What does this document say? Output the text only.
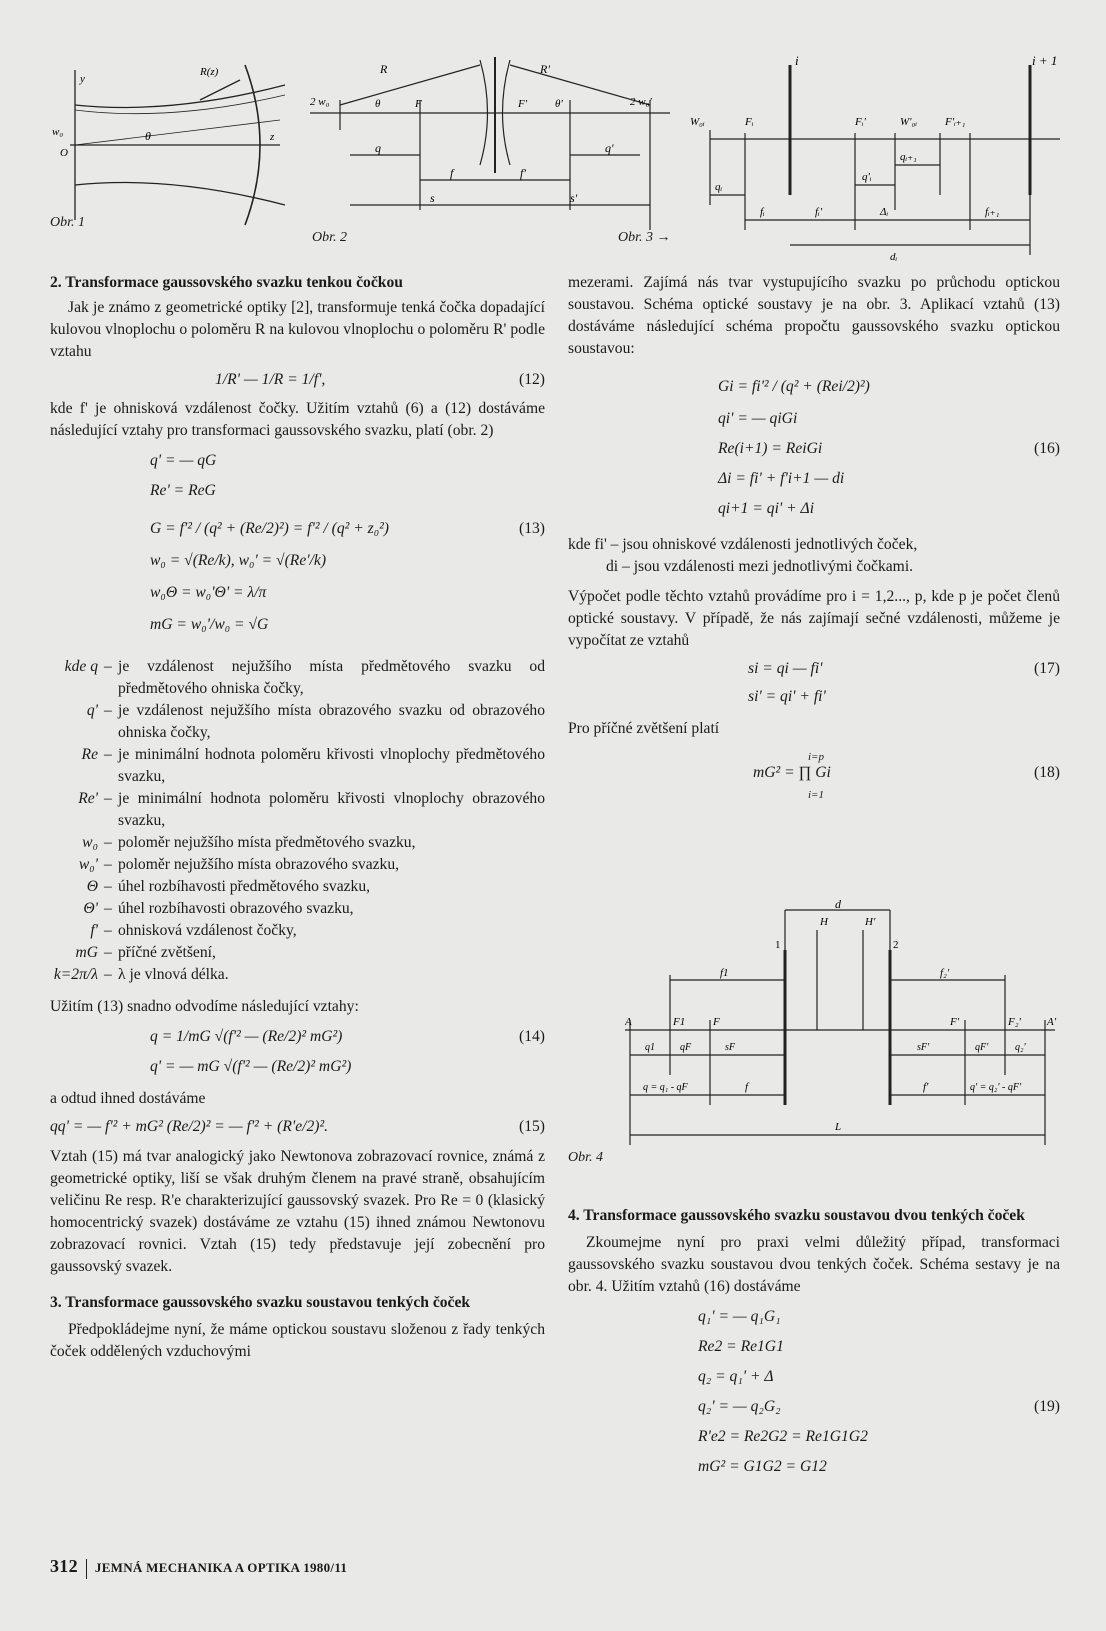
y
w₀
O
θ	z
R(z)
Obr. 1
R	R'
2 w₀	2 w₀'
θ	θ'
F	F'
q	q'
f	f'
s	s'
Obr. 2
i	i + 1
W₀ᵢ	Fᵢ	Fᵢ'	W'₀ᵢ	F'ᵢ₊₁
qᵢ
q'ᵢ
qᵢ₊₁
fᵢ	fᵢ'	Δᵢ	fᵢ₊₁
dᵢ
Obr. 3 →
2. Transformace gaussovského svazku tenkou čočkou

Jak je známo z geometrické optiky [2], transformuje tenká čočka dopadající kulovou vlnoplochu o poloměru R na kulovou vlnoplochu o poloměru R' podle vztahu

1/R' — 1/R = 1/f',	(12)

kde f' je ohnisková vzdálenost čočky. Užitím vztahů (6) a (12) dostáváme následující vztahy pro transformaci gaussovského svazku, platí (obr. 2)

q' = — qG
Re' = ReG
G = f'² / (q² + (Re/2)²) = f'² / (q² + z₀²)	(13)
w₀ = √(Re/k), w₀' = √(Re'/k)
w₀Θ = w₀'Θ' = λ/π
mG = w₀'/w₀ = √G
kde q – je vzdálenost nejužšího místa předmětového svazku od předmětového ohniska čočky,
q' – je vzdálenost nejužšího místa obrazového svazku od obrazového ohniska čočky,
Re – je minimální hodnota poloměru křivosti vlnoplochy předmětového svazku,
Re' – je minimální hodnota poloměru křivosti vlnoplochy obrazového svazku,
w₀ – poloměr nejužšího místa předmětového svazku,
w₀' – poloměr nejužšího místa obrazového svazku,
Θ – úhel rozbíhavosti předmětového svazku,
Θ' – úhel rozbíhavosti obrazového svazku,
f' – ohnisková vzdálenost čočky,
mG – příčné zvětšení,
k=2π/λ – λ je vlnová délka.

Užitím (13) snadno odvodíme následující vztahy:

q = 1/mG √(f'² — (Re/2)² mG²)	(14)
q' = — mG √(f'² — (Re/2)² mG²)

a odtud ihned dostáváme

qq' = — f'² + mG² (Re/2)² = — f'² + (R'e/2)².	(15)

Vztah (15) má tvar analogický jako Newtonova zobrazovací rovnice, známá z geometrické optiky, liší se však druhým členem na pravé straně, obsahujícím veličinu Re resp. R'e charakterizující gaussovský svazek. Pro Re = 0 (klasický homocentrický svazek) dostáváme ze vztahu (15) ihned známou Newtonovu zobrazovací rovnici. Vztah (15) tedy představuje její zobecnění pro gaussovský svazek.

3. Transformace gaussovského svazku soustavou tenkých čoček

Předpokládejme nyní, že máme optickou soustavu složenou z řady tenkých čoček oddělených vzduchovými

mezerami. Zajímá nás tvar vystupujícího svazku po průchodu optickou soustavou. Schéma optické soustavy je na obr. 3. Aplikací vztahů (13) dostáváme následující schéma propočtu gaussovského svazku optickou soustavou:

Gi = fi'² / (q² + (Rei/2)²)
qi' = — qiGi
Re(i+1) = ReiGi	(16)
Δi = fi' + f'i+1 — di
qi+1 = qi' + Δi

kde fi' – jsou ohniskové vzdálenosti jednotlivých čoček,

di – jsou vzdálenosti mezi jednotlivými čočkami.

Výpočet podle těchto vztahů provádíme pro i = 1,2..., p, kde p je počet členů optické soustavy. V případě, že nás zajímají sečné vzdálenosti, můžeme je vypočítat ze vztahů

si = qi — fi'	(17)
si' = qi' + fi'

Pro příčné zvětšení platí

i=p
mG² = ∏ Gi
i=1
(18)
d
H	H'
1	2
f1	f₂'
A	F1	F	F'	F₂' A'
q1	qF	sF	sF'	qF'	q₂'
q = q₁ - qF	f	f'	q' = q₂' - qF'
L
Obr. 4
4. Transformace gaussovského svazku soustavou dvou tenkých čoček

Zkoumejme nyní pro praxi velmi důležitý případ, transformaci gaussovského svazku soustavou dvou tenkých čoček. Schéma sestavy je na obr. 4. Užitím vztahů (16) dostáváme

q₁' = — q₁G₁
Re2 = Re1G1
q₂ = q₁' + Δ
q₂' = — q₂G₂	(19)
R'e2 = Re2G2 = Re1G1G2
mG² = G1G2 = G12
312 JEMNÁ MECHANIKA A OPTIKA 1980/11
